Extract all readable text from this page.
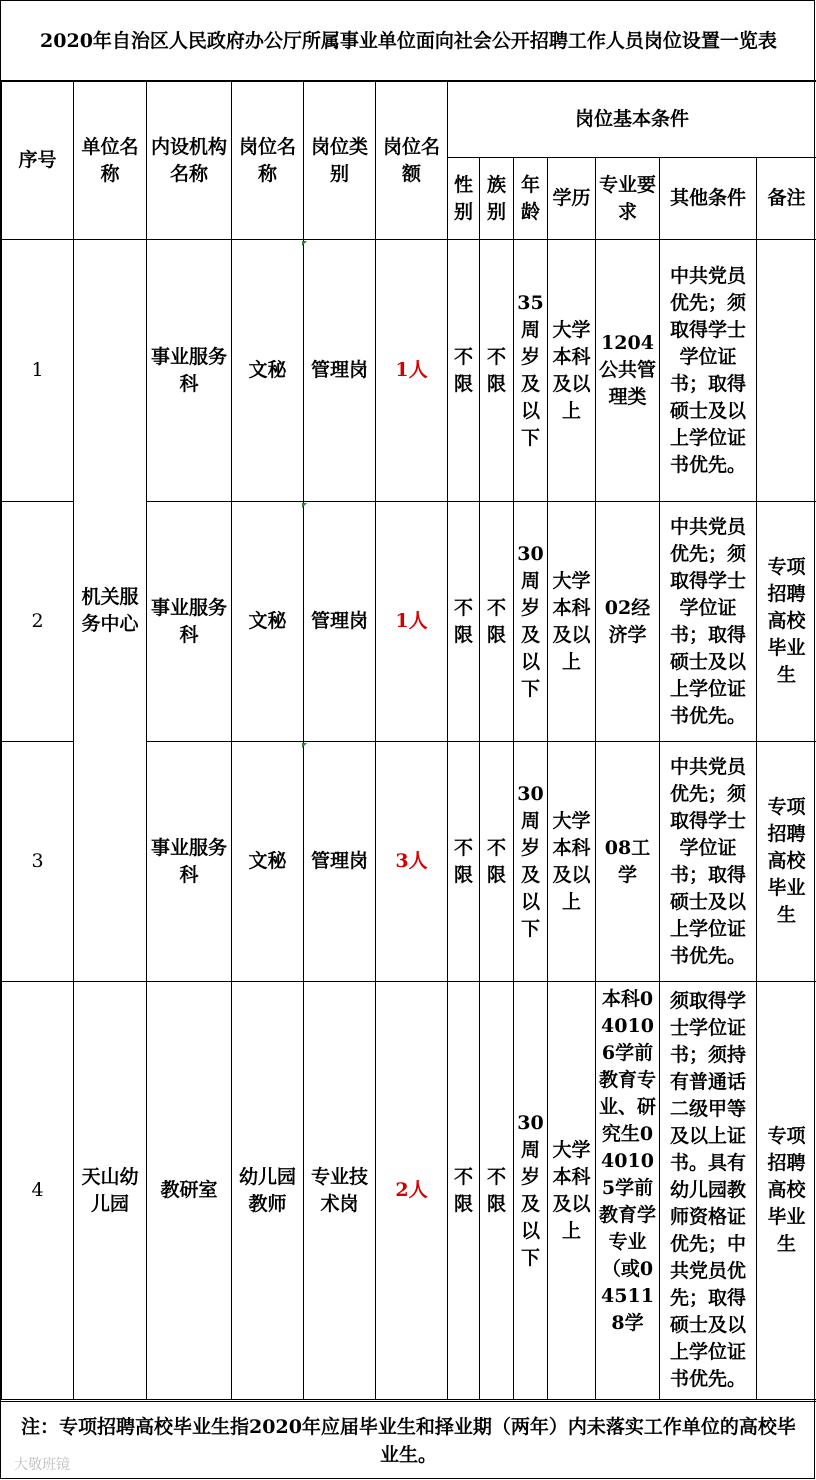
2020年自治区人民政府办公厅所属事业单位面向社会公开招聘工作人员岗位设置一览表
序号	单位名称	内设机构名称	岗位名称	岗位类别	岗位名额	岗位基本条件						
						性别	族别	年龄	学历	专业要求	其他条件	备注
1	机关服务中心	事业服务科	文秘	管理岗	1人	不限	不限	35周岁及以下	大学本科及以上	1204公共管理类	中共党员优先；须取得学士学位证书；取得硕士及以上学位证书优先。	
2		事业服务科	文秘	管理岗	1人	不限	不限	30周岁及以下	大学本科及以上	02经济学	中共党员优先；须取得学士学位证书；取得硕士及以上学位证书优先。	专项招聘高校毕业生
3		事业服务科	文秘	管理岗	3人	不限	不限	30周岁及以下	大学本科及以上	08工学	中共党员优先；须取得学士学位证书；取得硕士及以上学位证书优先。	专项招聘高校毕业生
4	天山幼儿园	教研室	幼儿园教师	专业技术岗	2人	不限	不限	30周岁及以下	大学本科及以上	本科040106学前教育专业、研究生040105学前教育学专业（或045118学	须取得学士学位证书；须持有普通话二级甲等及以上证书。具有幼儿园教师资格证优先；中共党员优先；取得硕士及以上学位证书优先。	专项招聘高校毕业生
注：专项招聘高校毕业生指2020年应届毕业生和择业期（两年）内未落实工作单位的高校毕业生。
大敬班镜
